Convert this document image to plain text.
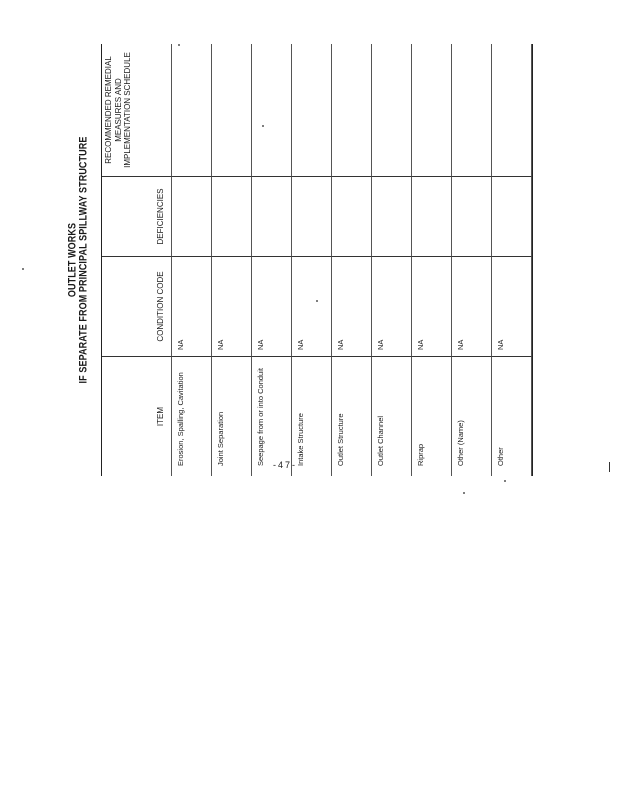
OUTLET WORKS IF SEPARATE FROM PRINCIPAL SPILLWAY STRUCTURE
ITEM
CONDITION CODE
DEFICIENCIES
RECOMMENDED REMEDIAL MEASURES AND IMPLEMENTATION SCHEDULE
Erosion, Spalling, Cavitation
NA
Joint Separation
NA
Seepage from or into Conduit
NA
Intake Structure
NA
Outlet Structure
NA
Outlet Channel
NA
Riprap
NA
Other (Name)
NA
Other
NA
-47-
